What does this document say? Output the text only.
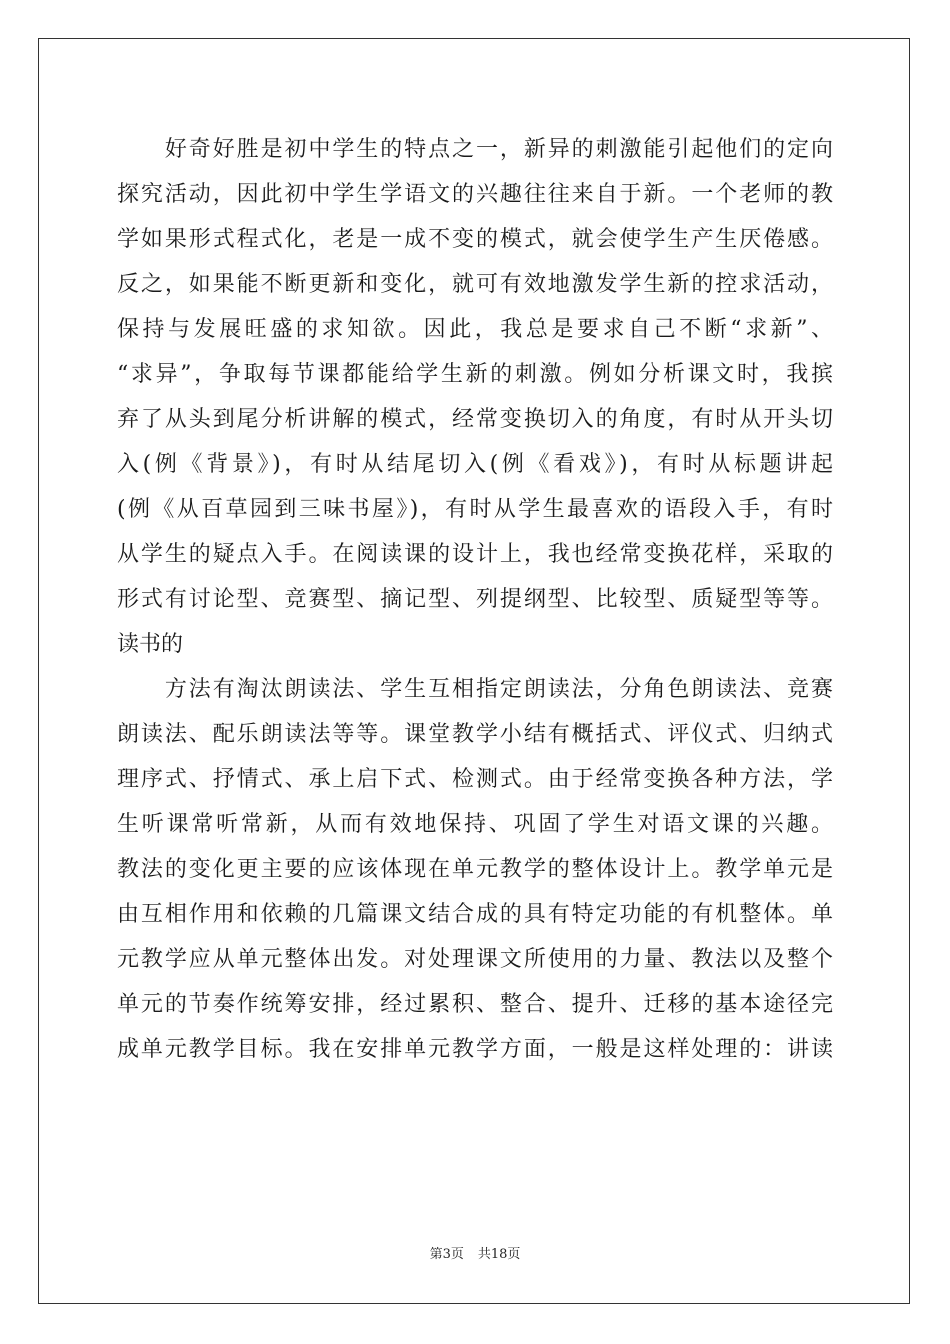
　　好奇好胜是初中学生的特点之一，新异的刺激能引起他们的定向
探究活动，因此初中学生学语文的兴趣往往来自于新。一个老师的教
学如果形式程式化，老是一成不变的模式，就会使学生产生厌倦感。
反之，如果能不断更新和变化，就可有效地激发学生新的控求活动，
保持与发展旺盛的求知欲。因此，我总是要求自己不断“求新”、
“求异”，争取每节课都能给学生新的刺激。例如分析课文时，我摈
弃了从头到尾分析讲解的模式，经常变换切入的角度，有时从开头切
入(例《背景》)，有时从结尾切入(例《看戏》)，有时从标题讲起
(例《从百草园到三味书屋》)，有时从学生最喜欢的语段入手，有时
从学生的疑点入手。在阅读课的设计上，我也经常变换花样，采取的
形式有讨论型、竞赛型、摘记型、列提纲型、比较型、质疑型等等。
读书的
　　方法有淘汰朗读法、学生互相指定朗读法，分角色朗读法、竞赛
朗读法、配乐朗读法等等。课堂教学小结有概括式、评仪式、归纳式
理序式、抒情式、承上启下式、检测式。由于经常变换各种方法，学
生听课常听常新，从而有效地保持、巩固了学生对语文课的兴趣。
教法的变化更主要的应该体现在单元教学的整体设计上。教学单元是
由互相作用和依赖的几篇课文结合成的具有特定功能的有机整体。单
元教学应从单元整体出发。对处理课文所使用的力量、教法以及整个
单元的节奏作统筹安排，经过累积、整合、提升、迁移的基本途径完
成单元教学目标。我在安排单元教学方面，一般是这样处理的：讲读
第3页 共18页
